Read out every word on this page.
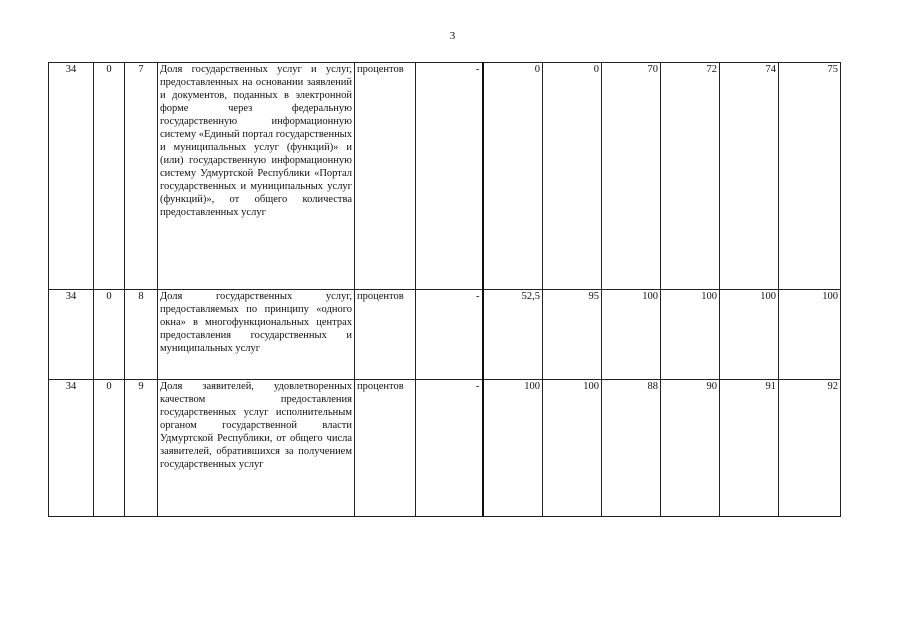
3
34	0	7	Доля государственных услуг и услуг, предоставленных на основании заявлений и документов, поданных в электронной форме через федеральную государственную информационную систему «Единый портал государственных и муниципальных услуг (функций)» и (или) государственную информационную систему Удмуртской Республики «Портал государственных и муниципальных услуг (функций)», от общего количества предоставленных услуг	процентов	-	0	0	70	72	74	75
34	0	8	Доля государственных услуг, предоставляемых по принципу «одного окна» в многофункциональных центрах предоставления государственных и муниципальных услуг	процентов	-	52,5	95	100	100	100	100
34	0	9	Доля заявителей, удовлетворенных качеством предоставления государственных услуг исполнительным органом государственной власти Удмуртской Республики, от общего числа заявителей, обратившихся за получением государственных услуг	процентов	-	100	100	88	90	91	92
